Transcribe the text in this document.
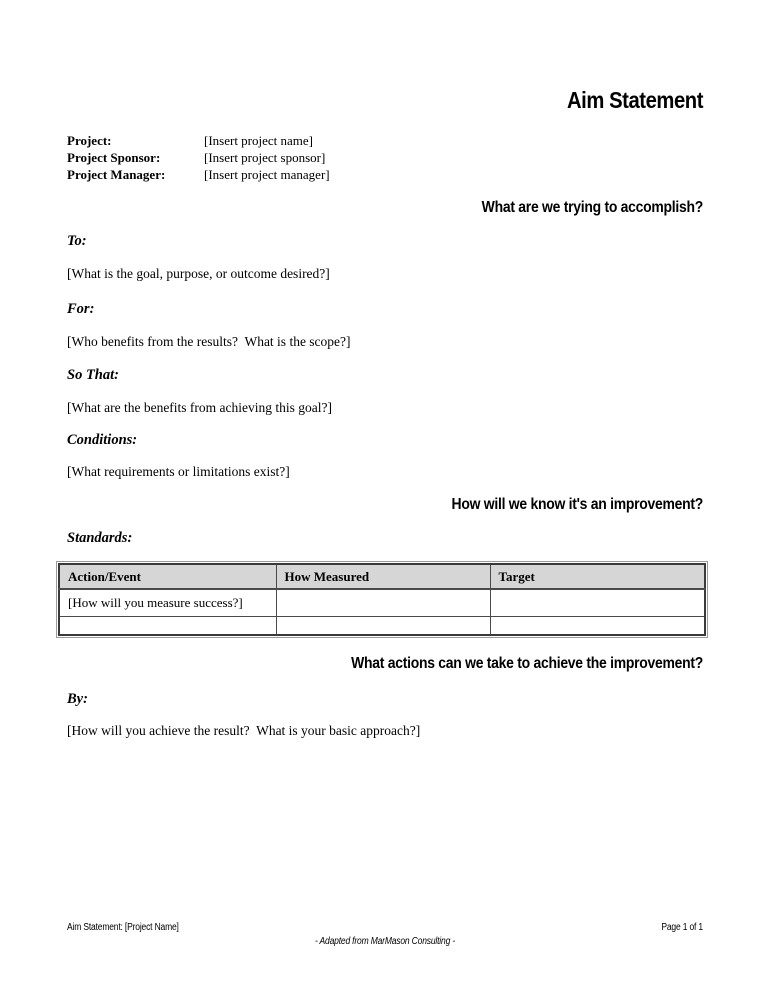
Aim Statement
Project:	[Insert project name]
Project Sponsor:	[Insert project sponsor]
Project Manager:	[Insert project manager]
What are we trying to accomplish?
To:
[What is the goal, purpose, or outcome desired?]
For:
[Who benefits from the results?  What is the scope?]
So That:
[What are the benefits from achieving this goal?]
Conditions:
[What requirements or limitations exist?]
How will we know it's an improvement?
Standards:
Action/Event	How Measured	Target
[How will you measure success?]		

What actions can we take to achieve the improvement?
By:
[How will you achieve the result?  What is your basic approach?]
Aim Statement: [Project Name]	Page 1 of 1
- Adapted from MarMason Consulting -
